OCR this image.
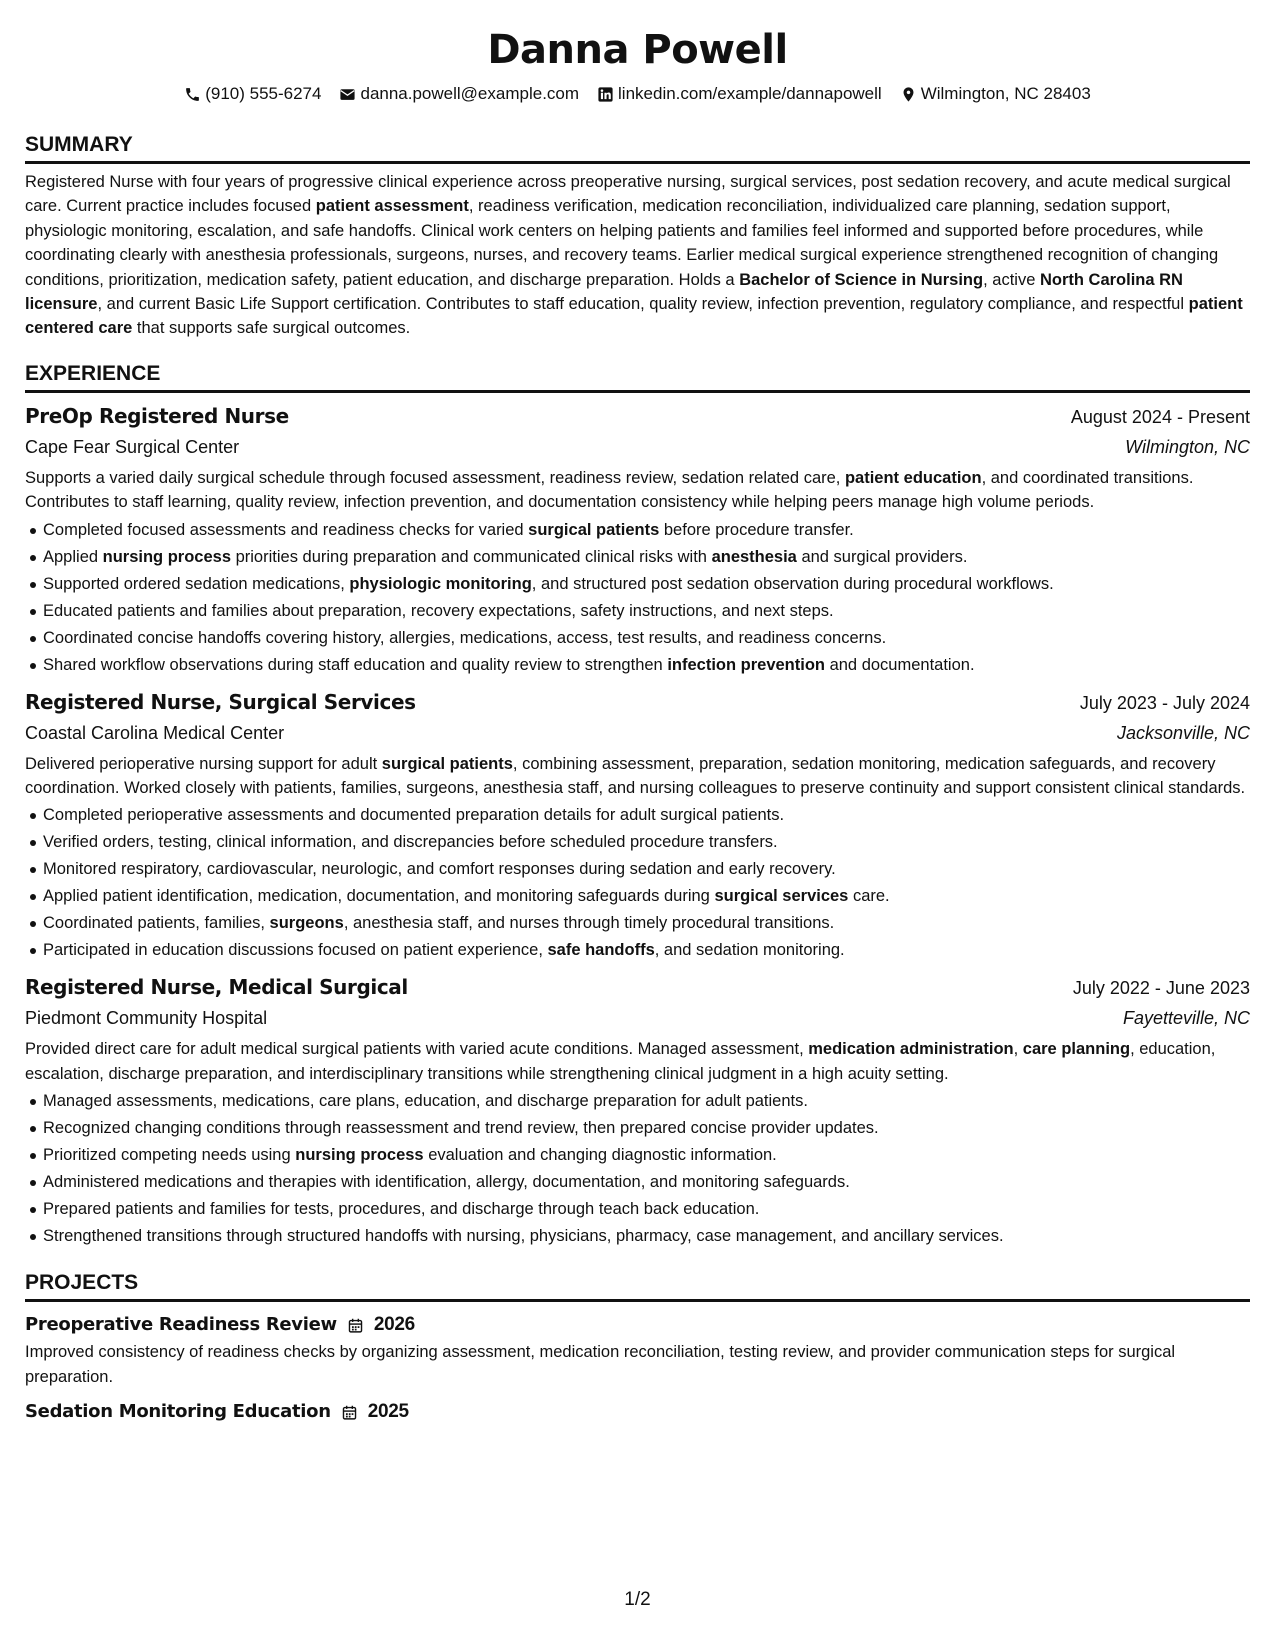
Danna Powell
(910) 555-6274 danna.powell@example.com linkedin.com/example/dannapowell Wilmington, NC 28403
SUMMARY
Registered Nurse with four years of progressive clinical experience across preoperative nursing, surgical services, post sedation recovery, and acute medical surgical care. Current practice includes focused patient assessment, readiness verification, medication reconciliation, individualized care planning, sedation support, physiologic monitoring, escalation, and safe handoffs. Clinical work centers on helping patients and families feel informed and supported before procedures, while coordinating clearly with anesthesia professionals, surgeons, nurses, and recovery teams. Earlier medical surgical experience strengthened recognition of changing conditions, prioritization, medication safety, patient education, and discharge preparation. Holds a Bachelor of Science in Nursing, active North Carolina RN licensure, and current Basic Life Support certification. Contributes to staff education, quality review, infection prevention, regulatory compliance, and respectful patient centered care that supports safe surgical outcomes.
EXPERIENCE
PreOp Registered Nurse	August 2024 - Present
Cape Fear Surgical Center	Wilmington, NC
Supports a varied daily surgical schedule through focused assessment, readiness review, sedation related care, patient education, and coordinated transitions. Contributes to staff learning, quality review, infection prevention, and documentation consistency while helping peers manage high volume periods.
Completed focused assessments and readiness checks for varied surgical patients before procedure transfer.
Applied nursing process priorities during preparation and communicated clinical risks with anesthesia and surgical providers.
Supported ordered sedation medications, physiologic monitoring, and structured post sedation observation during procedural workflows.
Educated patients and families about preparation, recovery expectations, safety instructions, and next steps.
Coordinated concise handoffs covering history, allergies, medications, access, test results, and readiness concerns.
Shared workflow observations during staff education and quality review to strengthen infection prevention and documentation.
Registered Nurse, Surgical Services	July 2023 - July 2024
Coastal Carolina Medical Center	Jacksonville, NC
Delivered perioperative nursing support for adult surgical patients, combining assessment, preparation, sedation monitoring, medication safeguards, and recovery coordination. Worked closely with patients, families, surgeons, anesthesia staff, and nursing colleagues to preserve continuity and support consistent clinical standards.
Completed perioperative assessments and documented preparation details for adult surgical patients.
Verified orders, testing, clinical information, and discrepancies before scheduled procedure transfers.
Monitored respiratory, cardiovascular, neurologic, and comfort responses during sedation and early recovery.
Applied patient identification, medication, documentation, and monitoring safeguards during surgical services care.
Coordinated patients, families, surgeons, anesthesia staff, and nurses through timely procedural transitions.
Participated in education discussions focused on patient experience, safe handoffs, and sedation monitoring.
Registered Nurse, Medical Surgical	July 2022 - June 2023
Piedmont Community Hospital	Fayetteville, NC
Provided direct care for adult medical surgical patients with varied acute conditions. Managed assessment, medication administration, care planning, education, escalation, discharge preparation, and interdisciplinary transitions while strengthening clinical judgment in a high acuity setting.
Managed assessments, medications, care plans, education, and discharge preparation for adult patients.
Recognized changing conditions through reassessment and trend review, then prepared concise provider updates.
Prioritized competing needs using nursing process evaluation and changing diagnostic information.
Administered medications and therapies with identification, allergy, documentation, and monitoring safeguards.
Prepared patients and families for tests, procedures, and discharge through teach back education.
Strengthened transitions through structured handoffs with nursing, physicians, pharmacy, case management, and ancillary services.
PROJECTS
Preoperative Readiness Review 2026
Improved consistency of readiness checks by organizing assessment, medication reconciliation, testing review, and provider communication steps for surgical preparation.
Sedation Monitoring Education 2025
1/2
